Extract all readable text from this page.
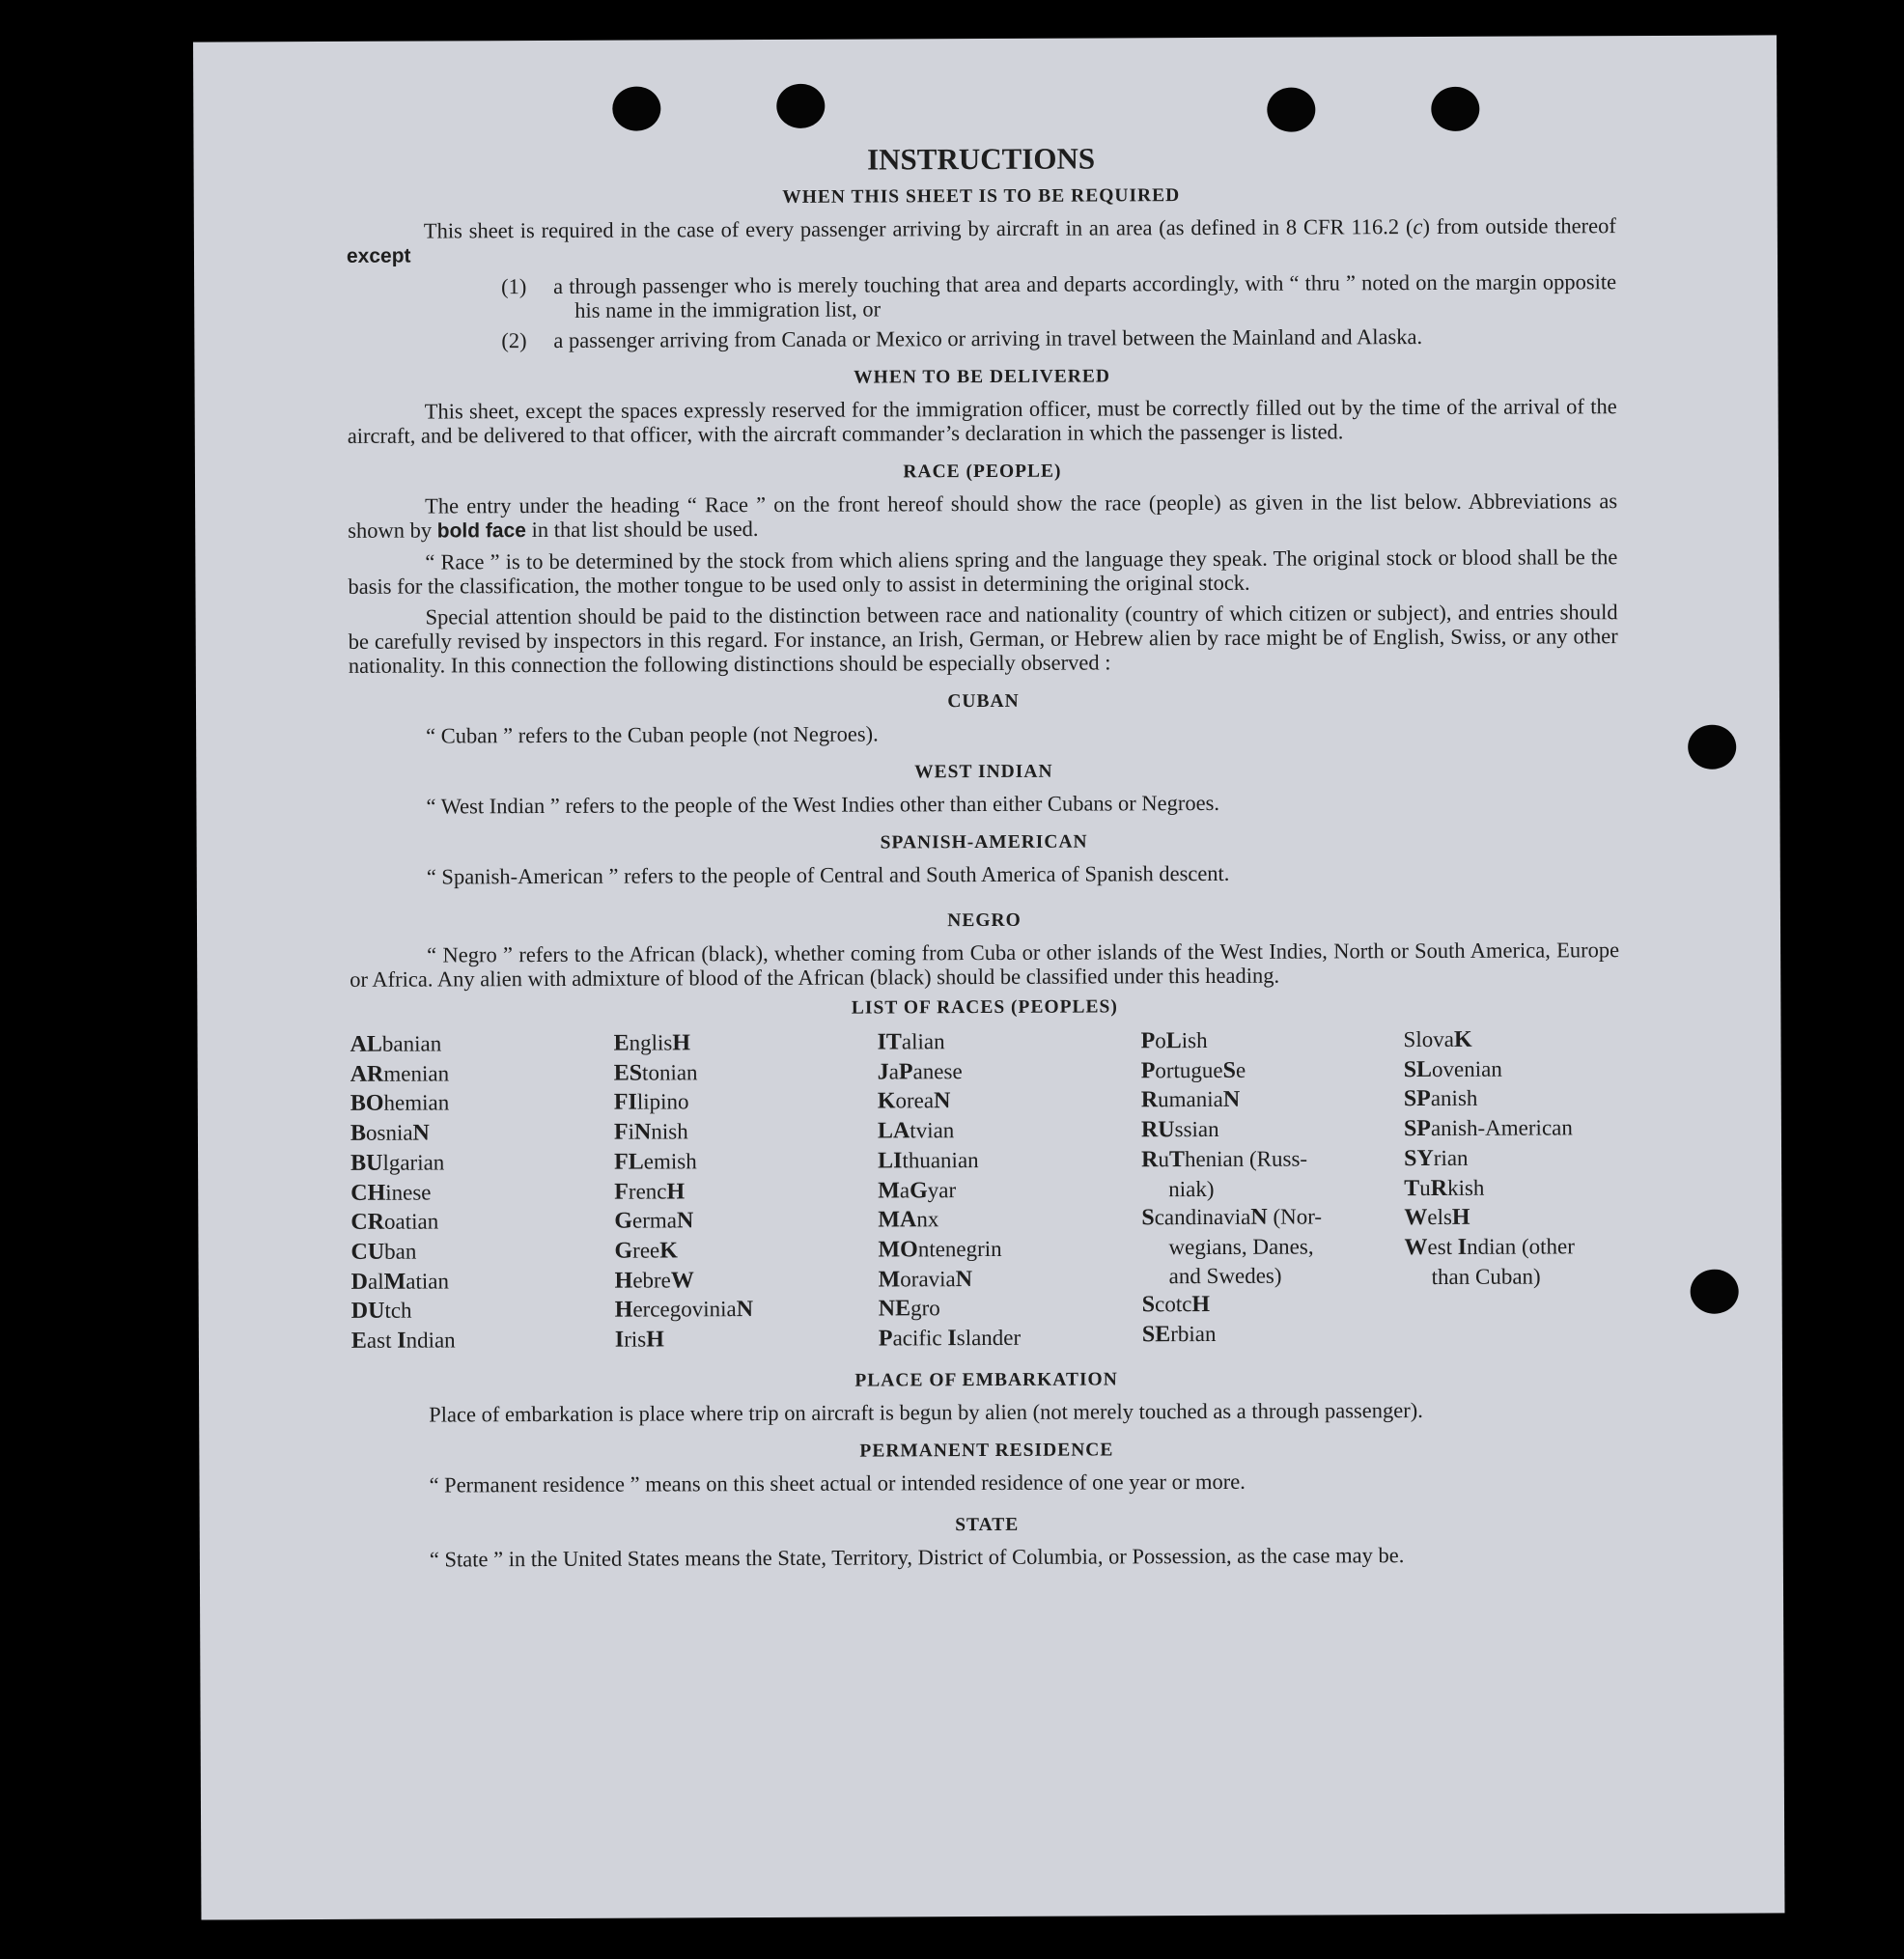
INSTRUCTIONS
WHEN THIS SHEET IS TO BE REQUIRED

This sheet is required in the case of every passenger arriving by aircraft in an area (as defined in 8 CFR 116.2 (c) from outside thereof except

(1) a through passenger who is merely touching that area and departs accordingly, with “ thru ” noted on the margin opposite his name in the immigration list, or
(2) a passenger arriving from Canada or Mexico or arriving in travel between the Mainland and Alaska.
WHEN TO BE DELIVERED

This sheet, except the spaces expressly reserved for the immigration officer, must be correctly filled out by the time of the arrival of the aircraft, and be delivered to that officer, with the aircraft commander’s declaration in which the passenger is listed.

RACE (PEOPLE)

The entry under the heading “ Race ” on the front hereof should show the race (people) as given in the list below. Abbreviations as shown by bold face in that list should be used.

“ Race ” is to be determined by the stock from which aliens spring and the language they speak. The original stock or blood shall be the basis for the classification, the mother tongue to be used only to assist in determining the original stock.

Special attention should be paid to the distinction between race and nationality (country of which citizen or subject), and entries should be carefully revised by inspectors in this regard. For instance, an Irish, German, or Hebrew alien by race might be of English, Swiss, or any other nationality. In this connection the following distinctions should be especially observed :

CUBAN

“ Cuban ” refers to the Cuban people (not Negroes).

WEST INDIAN

“ West Indian ” refers to the people of the West Indies other than either Cubans or Negroes.

SPANISH-AMERICAN

“ Spanish-American ” refers to the people of Central and South America of Spanish descent.

NEGRO

“ Negro ” refers to the African (black), whether coming from Cuba or other islands of the West Indies, North or South America, Europe or Africa. Any alien with admixture of blood of the African (black) should be classified under this heading.

LIST OF RACES (PEOPLES)
ALbanian
ARmenian
BOhemian
BosniaN
BUlgarian
CHinese
CRoatian
CUban
DalMatian
DUtch
East Indian
EnglisH
EStonian
FIlipino
FiNnish
FLemish
FrencH
GermaN
GreeK
HebreW
HercegoviniaN
IrisH
ITalian
JaPanese
KoreaN
LAtvian
LIthuanian
MaGyar
MAnx
MOntenegrin
MoraviaN
NEgro
Pacific Islander
PoLish
PortugueSe
RumaniaN
RUssian
RuThenian (Russ-
niak)
ScandinaviaN (Nor-
wegians, Danes,
and Swedes)
ScotcH
SErbian
SlovaK
SLovenian
SPanish
SPanish-American
SYrian
TuRkish
WelsH
West Indian (other
than Cuban)
PLACE OF EMBARKATION

Place of embarkation is place where trip on aircraft is begun by alien (not merely touched as a through passenger).

PERMANENT RESIDENCE

“ Permanent residence ” means on this sheet actual or intended residence of one year or more.

STATE

“ State ” in the United States means the State, Territory, District of Columbia, or Possession, as the case may be.
